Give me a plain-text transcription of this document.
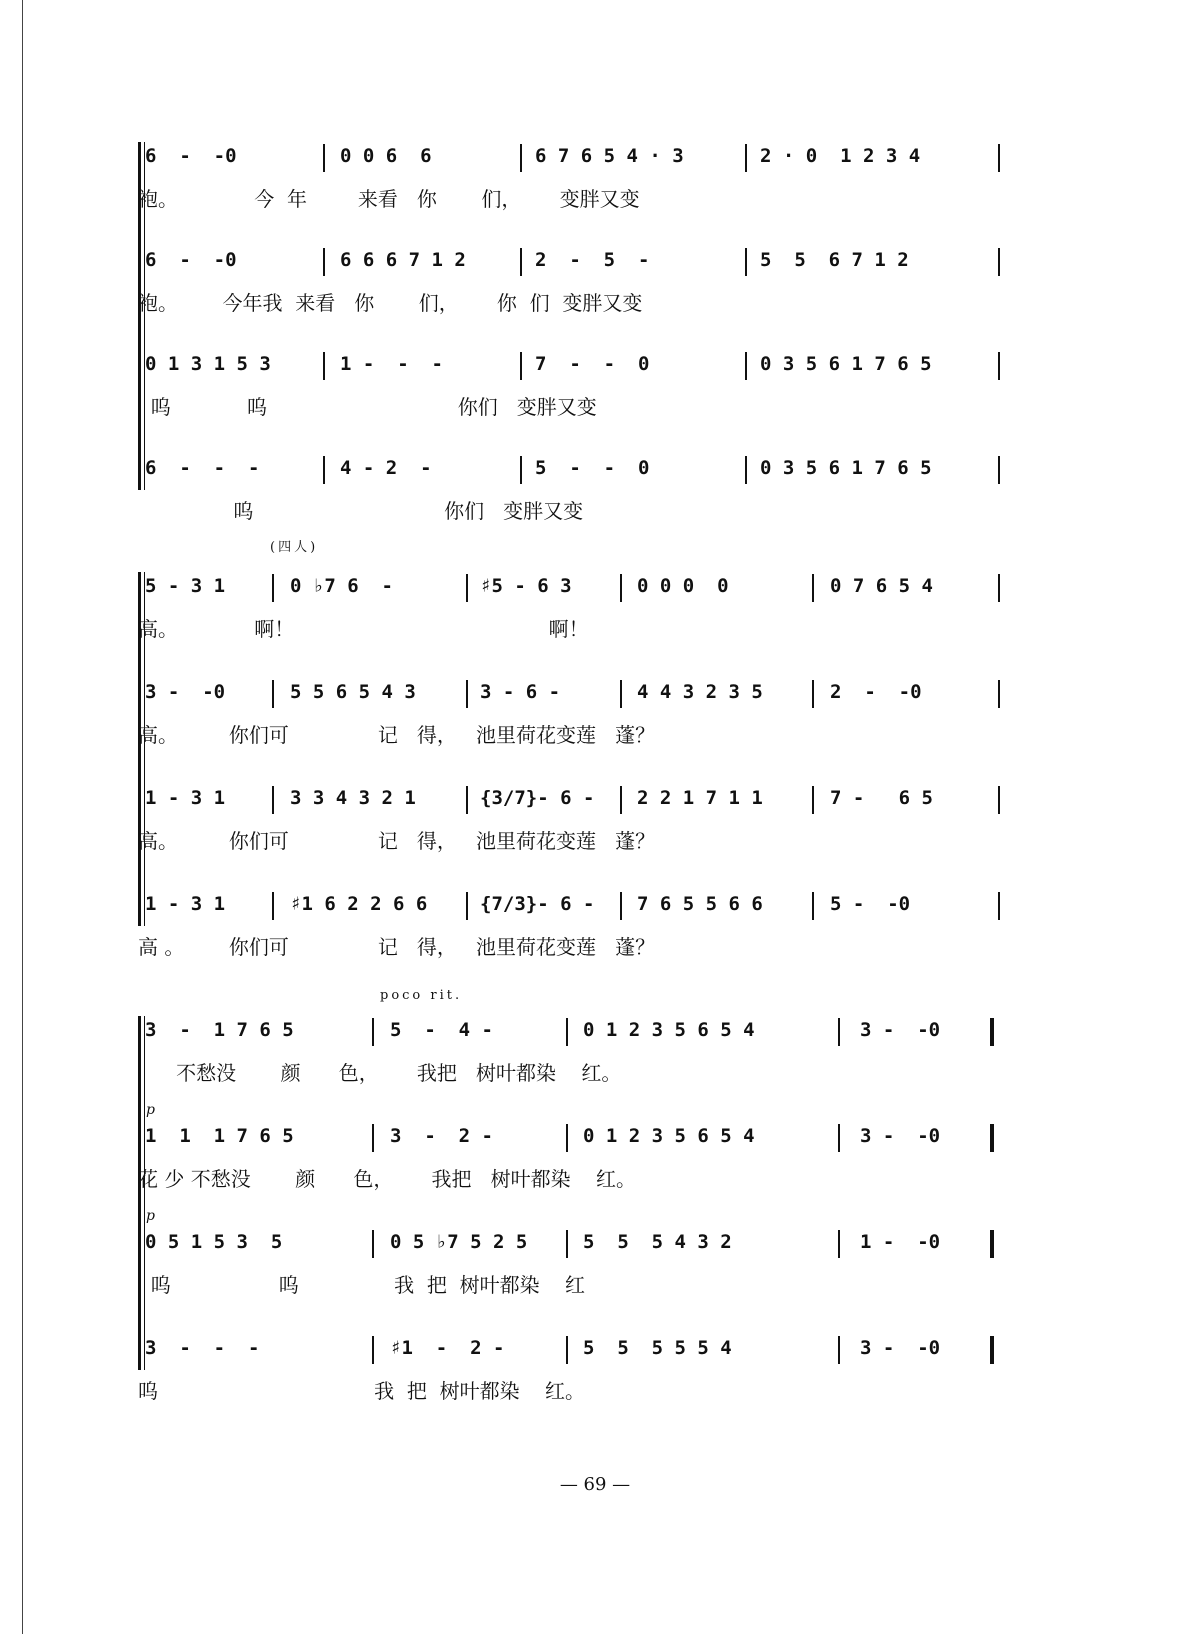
6  -  -0	0 0 6  6	6 7 6 5 4 · 3	2 · 0  1 2 3 4
袍。            今  年        来看   你       们，      变胖又变
6  -  -0	6 6 6 7 1 2	2  -  5  -	5  5  6 7 1 2
袍。       今年我  来看   你       们，      你  们  变胖又变
0 1 3 1 5 3	1 -  -  -	7  -  -  0	0 3 5 6 1 7 6 5
呜            呜                              你们   变胖又变
6  -  -  -	4 - 2  -	5  -  -  0	0 3 5 6 1 7 6 5
呜                              你们   变胖又变
(四人)
5 - 3 1	0 ♭7 6  -	♯5 - 6 3	0 0 0  0	0 7 6 5 4
高。            啊！                                        啊！
3 -  -0	5 5 6 5 4 3	3 - 6 -	4 4 3 2 3 5	2  -  -0
高。        你们可              记   得，   池里荷花变莲   蓬？
1 - 3 1	3 3 4 3 2 1	{3/7}- 6 - 2 2 1 7 1 1	7 -   6 5
高。        你们可              记   得，   池里荷花变莲   蓬？
1 - 3 1	♯1 6 2 2 6 6	{7/3}- 6 - 7 6 5 5 6 6	5 -  -0
高 。       你们可              记   得，   池里荷花变莲   蓬？
poco rit.
3  -  1 7 6 5	5  -  4 -	0 1 2 3 5 6 5 4	3 -  -0
不愁没       颜      色，      我把   树叶都染    红。
p
1  1  1 7 6 5	3  -  2 -	0 1 2 3 5 6 5 4	3 -  -0
花 少 不愁没       颜      色，      我把   树叶都染    红。
p
0 5 1 5 3  5	0 5 ♭7 5 2 5	5  5  5 4 3 2	1 -  -0
呜                 呜               我  把  树叶都染    红
3  -  -  -	♯1  -  2 -	5  5  5 5 5 4	3 -  -0
呜                                  我  把  树叶都染    红。
— 69 —
